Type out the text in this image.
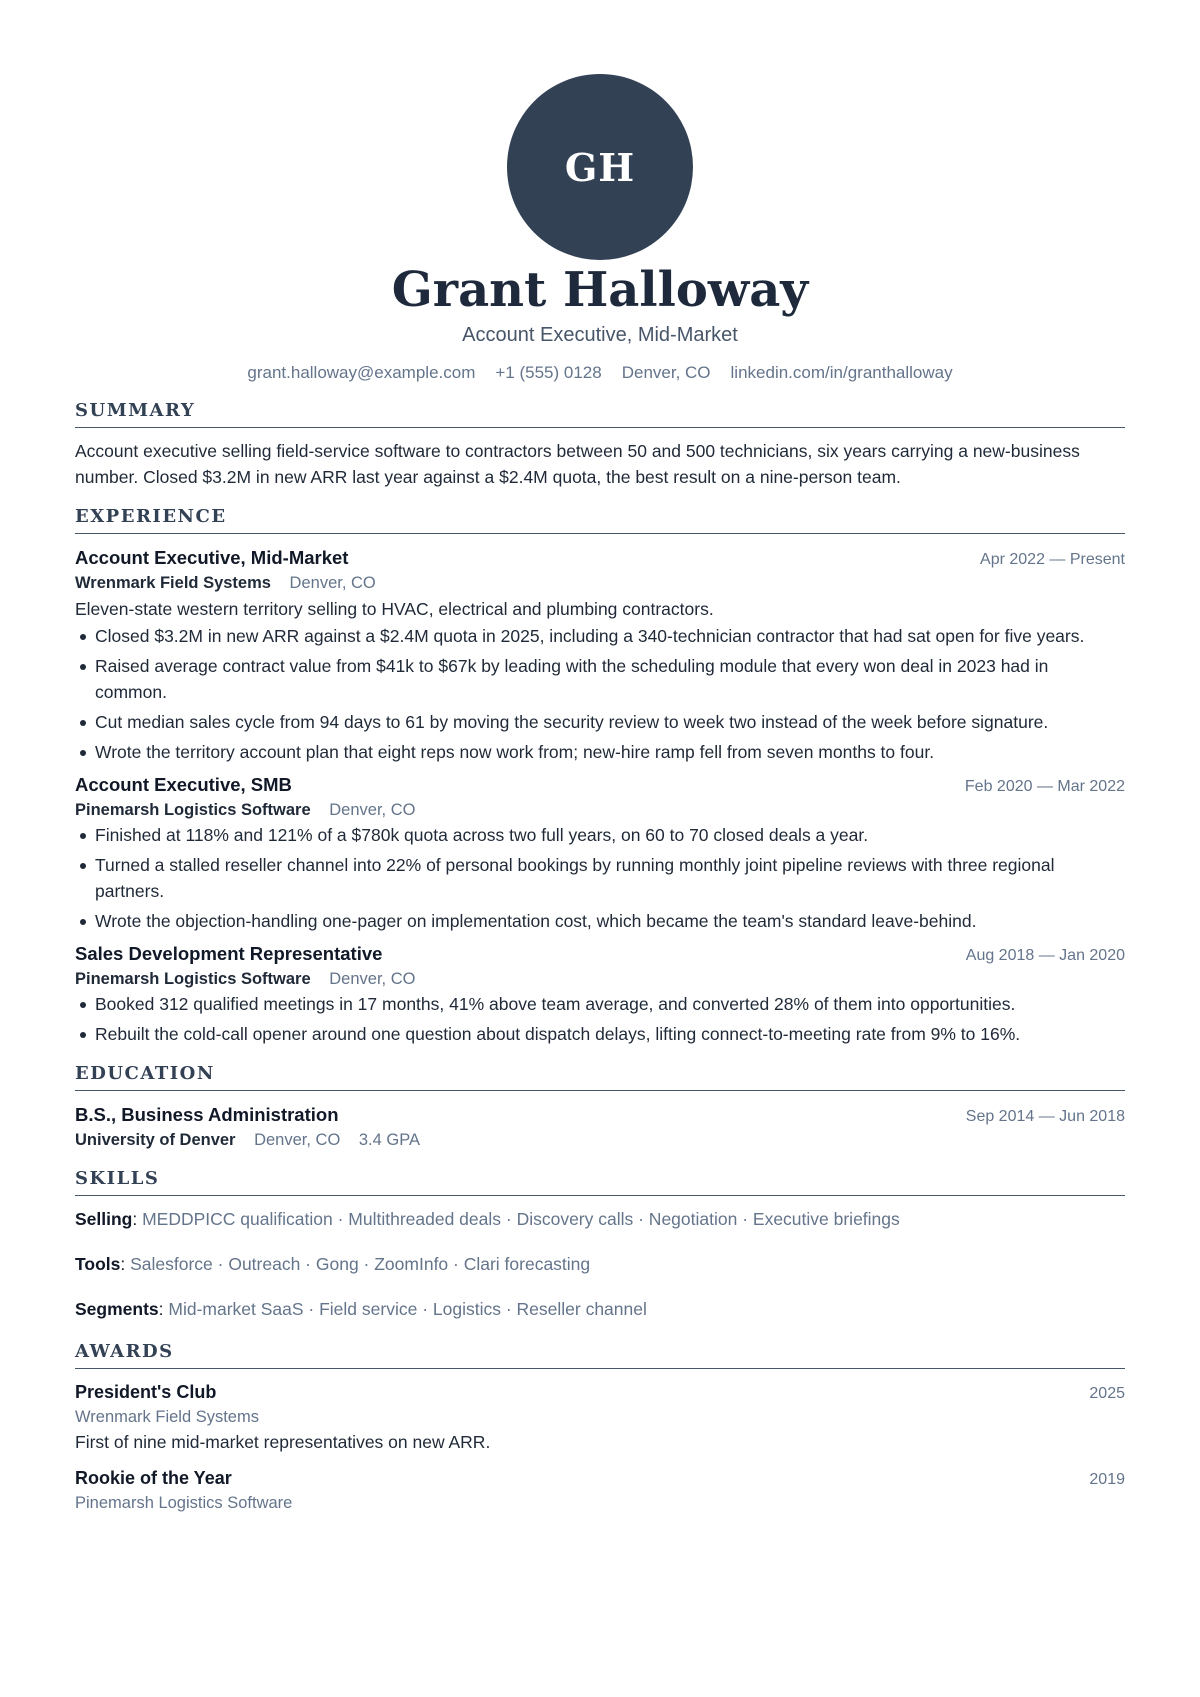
GH
Grant Halloway
Account Executive, Mid-Market
grant.halloway@example.com +1 (555) 0128 Denver, CO linkedin.com/in/granthalloway
SUMMARY

Account executive selling field-service software to contractors between 50 and 500 technicians, six years carrying a new-business number. Closed $3.2M in new ARR last year against a $2.4M quota, the best result on a nine-person team.

EXPERIENCE
Account Executive, Mid-Market	Apr 2022 — Present
Wrenmark Field Systems Denver, CO
Eleven-state western territory selling to HVAC, electrical and plumbing contractors.
Closed $3.2M in new ARR against a $2.4M quota in 2025, including a 340-technician contractor that had sat open for five years.
Raised average contract value from $41k to $67k by leading with the scheduling module that every won deal in 2023 had in common.
Cut median sales cycle from 94 days to 61 by moving the security review to week two instead of the week before signature.
Wrote the territory account plan that eight reps now work from; new-hire ramp fell from seven months to four.
Account Executive, SMB	Feb 2020 — Mar 2022
Pinemarsh Logistics Software Denver, CO
Finished at 118% and 121% of a $780k quota across two full years, on 60 to 70 closed deals a year.
Turned a stalled reseller channel into 22% of personal bookings by running monthly joint pipeline reviews with three regional partners.
Wrote the objection-handling one-pager on implementation cost, which became the team's standard leave-behind.
Sales Development Representative	Aug 2018 — Jan 2020
Pinemarsh Logistics Software Denver, CO
Booked 312 qualified meetings in 17 months, 41% above team average, and converted 28% of them into opportunities.
Rebuilt the cold-call opener around one question about dispatch delays, lifting connect-to-meeting rate from 9% to 16%.
EDUCATION
B.S., Business Administration	Sep 2014 — Jun 2018
University of Denver Denver, CO 3.4 GPA
SKILLS
Selling: MEDDPICC qualification · Multithreaded deals · Discovery calls · Negotiation · Executive briefings
Tools: Salesforce · Outreach · Gong · ZoomInfo · Clari forecasting
Segments: Mid-market SaaS · Field service · Logistics · Reseller channel
AWARDS
President's Club	2025
Wrenmark Field Systems
First of nine mid-market representatives on new ARR.
Rookie of the Year	2019
Pinemarsh Logistics Software
